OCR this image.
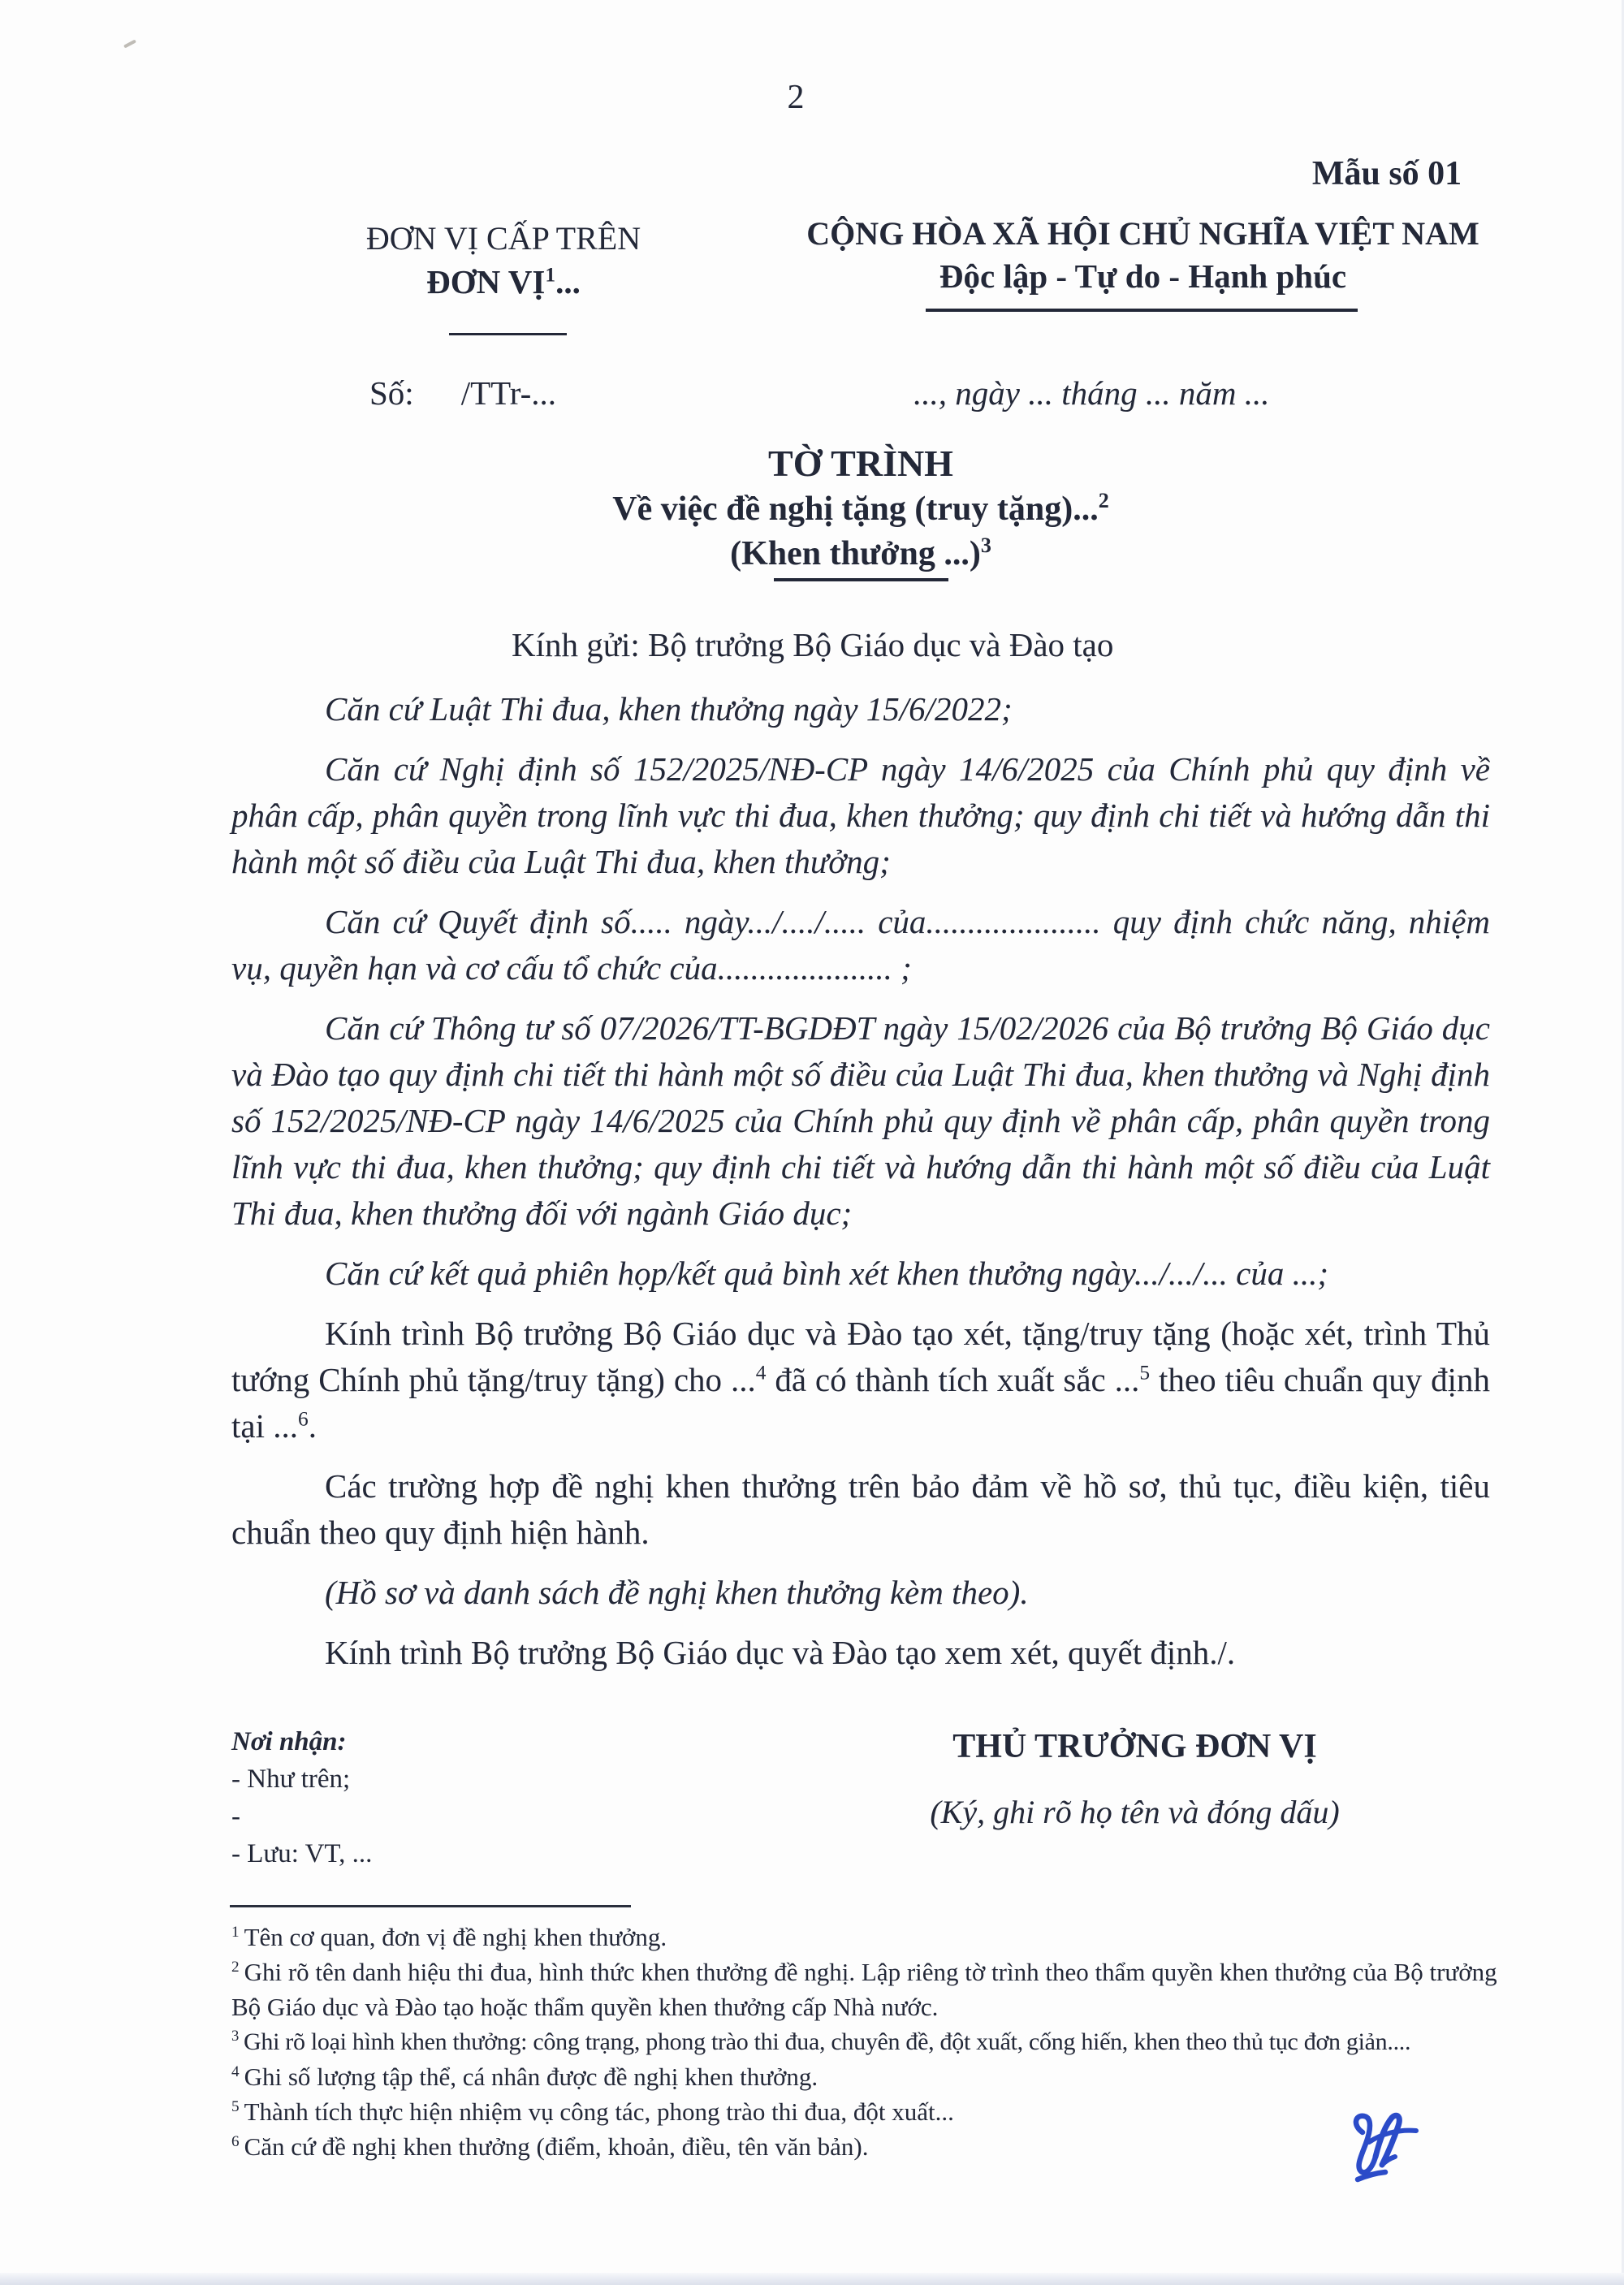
2
Mẫu số 01
ĐƠN VỊ CẤP TRÊN
ĐƠN VỊ$^1$...
CỘNG HÒA XÃ HỘI CHỦ NGHĨA VIỆT NAM
Độc lập - Tự do - Hạnh phúc
Số: /TTr-...	..., ngày ... tháng ... năm ...
TỜ TRÌNH
Về việc đề nghị tặng (truy tặng)...$^2$
(Khen thưởng ...)$^3$
Kính gửi: Bộ trưởng Bộ Giáo dục và Đào tạo

Căn cứ Luật Thi đua, khen thưởng ngày 15/6/2022;

Căn cứ Nghị định số 152/2025/NĐ-CP ngày 14/6/2025 của Chính phủ quy định về phân cấp, phân quyền trong lĩnh vực thi đua, khen thưởng; quy định chi tiết và hướng dẫn thi hành một số điều của Luật Thi đua, khen thưởng;

Căn cứ Quyết định số..... ngày.../..../..... của..................... quy định chức năng, nhiệm vụ, quyền hạn và cơ cấu tổ chức của..................... ;

Căn cứ Thông tư số 07/2026/TT-BGDĐT ngày 15/02/2026 của Bộ trưởng Bộ Giáo dục và Đào tạo quy định chi tiết thi hành một số điều của Luật Thi đua, khen thưởng và Nghị định số 152/2025/NĐ-CP ngày 14/6/2025 của Chính phủ quy định về phân cấp, phân quyền trong lĩnh vực thi đua, khen thưởng; quy định chi tiết và hướng dẫn thi hành một số điều của Luật Thi đua, khen thưởng đối với ngành Giáo dục;

Căn cứ kết quả phiên họp/kết quả bình xét khen thưởng ngày.../.../... của ...;

Kính trình Bộ trưởng Bộ Giáo dục và Đào tạo xét, tặng/truy tặng (hoặc xét, trình Thủ tướng Chính phủ tặng/truy tặng) cho ...$^4$ đã có thành tích xuất sắc ...$^5$ theo tiêu chuẩn quy định tại ...$^6$.

Các trường hợp đề nghị khen thưởng trên bảo đảm về hồ sơ, thủ tục, điều kiện, tiêu chuẩn theo quy định hiện hành.

(Hồ sơ và danh sách đề nghị khen thưởng kèm theo).

Kính trình Bộ trưởng Bộ Giáo dục và Đào tạo xem xét, quyết định./.

Nơi nhận:
- Như trên;
-
- Lưu: VT, ...
THỦ TRƯỞNG ĐƠN VỊ
(Ký, ghi rõ họ tên và đóng dấu)
$^1$ Tên cơ quan, đơn vị đề nghị khen thưởng.
$^2$ Ghi rõ tên danh hiệu thi đua, hình thức khen thưởng đề nghị. Lập riêng tờ trình theo thẩm quyền khen thưởng của Bộ trưởng Bộ Giáo dục và Đào tạo hoặc thẩm quyền khen thưởng cấp Nhà nước.
$^3$ Ghi rõ loại hình khen thưởng: công trạng, phong trào thi đua, chuyên đề, đột xuất, cống hiến, khen theo thủ tục đơn giản....
$^4$ Ghi số lượng tập thể, cá nhân được đề nghị khen thưởng.
$^5$ Thành tích thực hiện nhiệm vụ công tác, phong trào thi đua, đột xuất...
$^6$ Căn cứ đề nghị khen thưởng (điểm, khoản, điều, tên văn bản).
